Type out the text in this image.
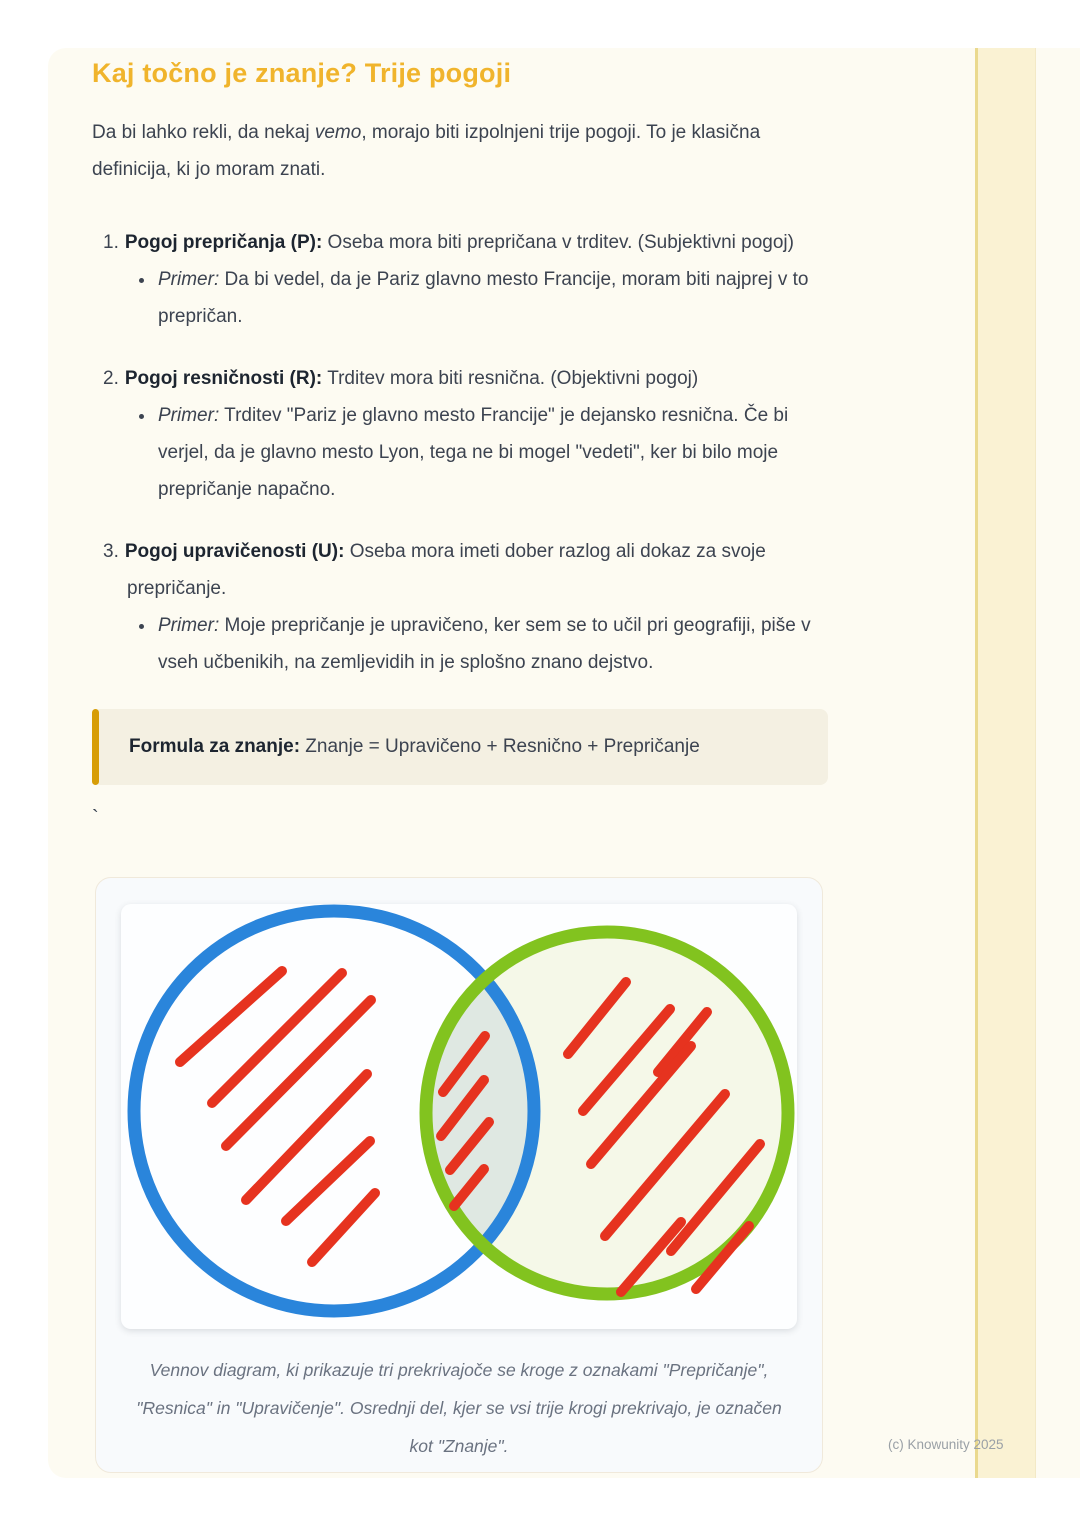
Kaj točno je znanje? Trije pogoji

Da bi lahko rekli, da nekaj vemo, morajo biti izpolnjeni trije pogoji. To je klasična definicija, ki jo moram znati.

1. Pogoj prepričanja (P): Oseba mora biti prepričana v trditev. (Subjektivni pogoj)
• Primer: Da bi vedel, da je Pariz glavno mesto Francije, moram biti najprej v to prepričan.
2. Pogoj resničnosti (R): Trditev mora biti resnična. (Objektivni pogoj)
• Primer: Trditev "Pariz je glavno mesto Francije" je dejansko resnična. Če bi verjel, da je glavno mesto Lyon, tega ne bi mogel "vedeti", ker bi bilo moje prepričanje napačno.
3. Pogoj upravičenosti (U): Oseba mora imeti dober razlog ali dokaz za svoje prepričanje.
• Primer: Moje prepričanje je upravičeno, ker sem se to učil pri geografiji, piše v vseh učbenikih, na zemljevidih in je splošno znano dejstvo.
Formula za znanje: Znanje = Upravičeno + Resnično + Prepričanje
`
Vennov diagram, ki prikazuje tri prekrivajoče se kroge z oznakami "Prepričanje", "Resnica" in "Upravičenje". Osrednji del, kjer se vsi trije krogi prekrivajo, je označen kot "Znanje".	(c) Knowunity 2025
